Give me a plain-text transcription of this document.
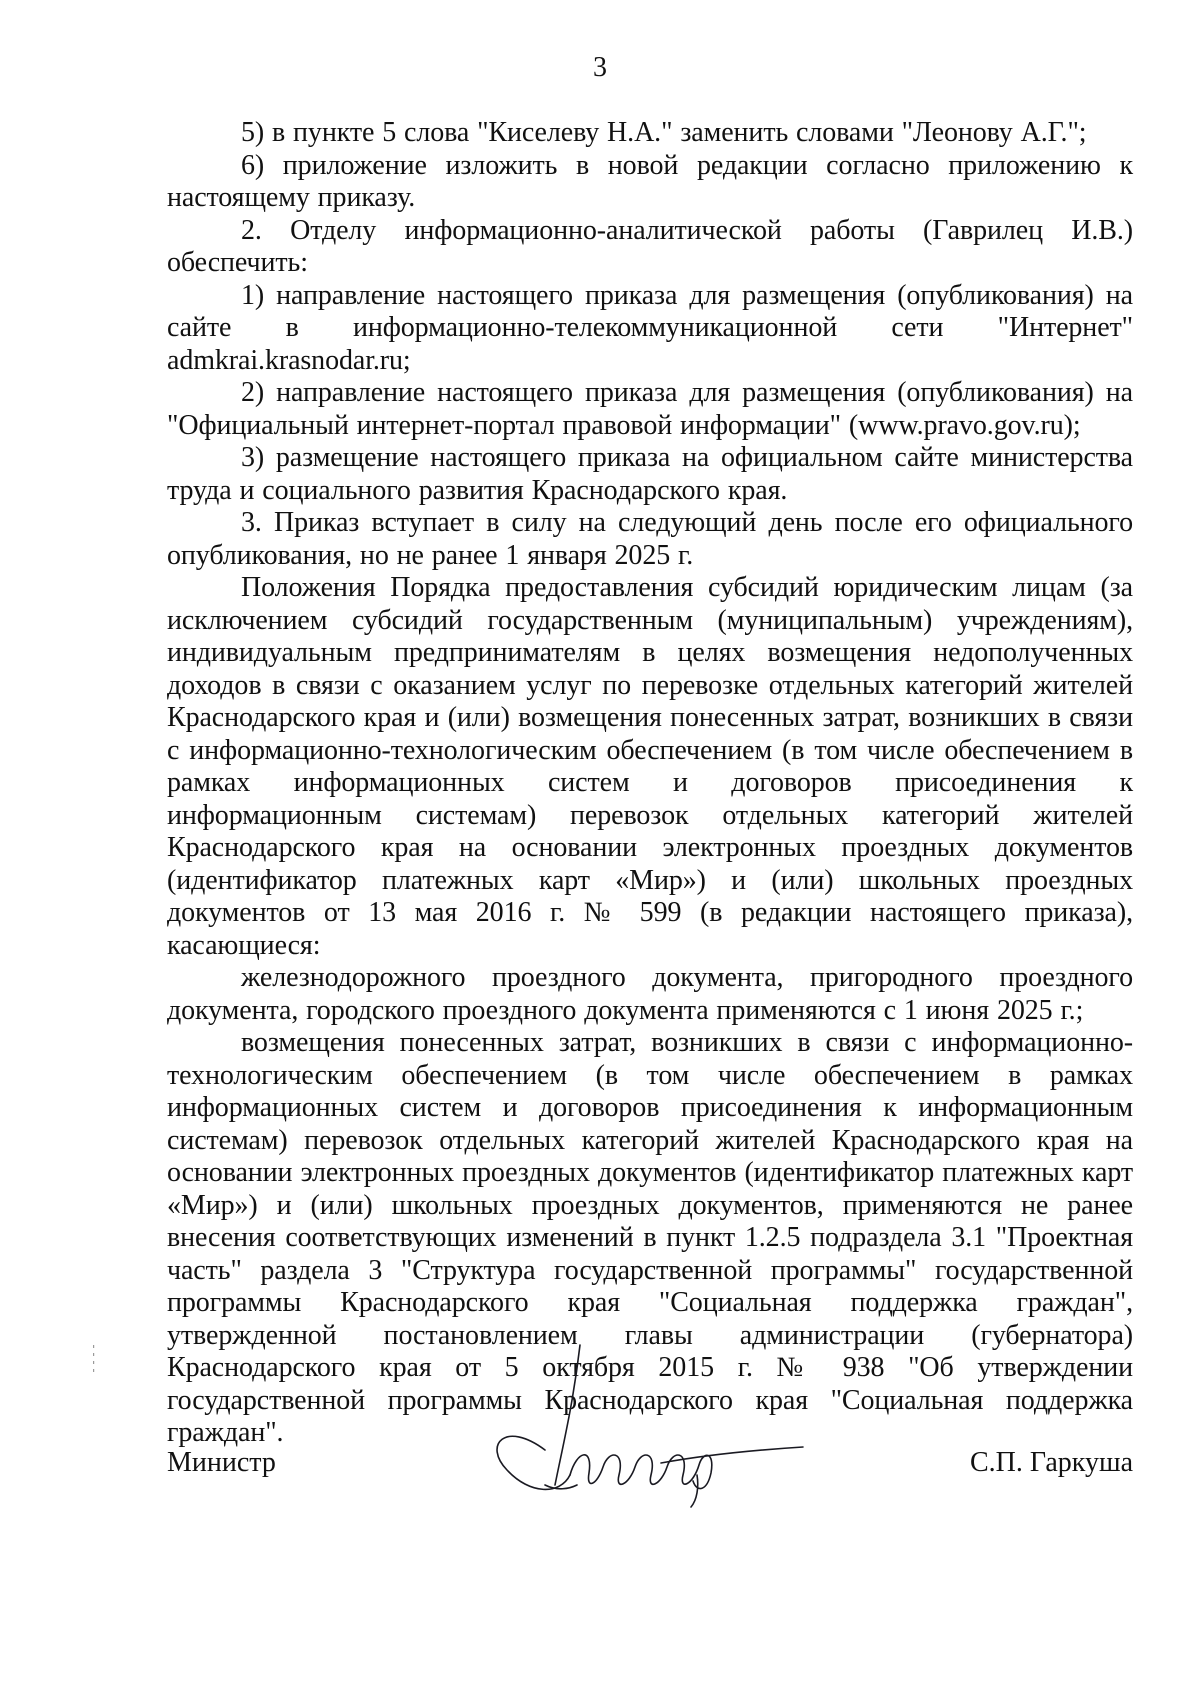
3

5) в пункте 5 слова "Киселеву Н.А." заменить словами "Леонову А.Г.";

6) приложение изложить в новой редакции согласно приложению к настоящему приказу.

2. Отделу информационно-аналитической работы (Гаврилец И.В.) обеспечить:

1) направление настоящего приказа для размещения (опубликования) на сайте в информационно-телекоммуникационной сети "Интернет" admkrai.krasnodar.ru;

2) направление настоящего приказа для размещения (опубликования) на "Официальный интернет-портал правовой информации" (www.pravo.gov.ru);

3) размещение настоящего приказа на официальном сайте министерства труда и социального развития Краснодарского края.

3. Приказ вступает в силу на следующий день после его официального опубликования, но не ранее 1 января 2025 г.

Положения Порядка предоставления субсидий юридическим лицам (за исключением субсидий государственным (муниципальным) учреждениям), индивидуальным предпринимателям в целях возмещения недополученных доходов в связи с оказанием услуг по перевозке отдельных категорий жителей Краснодарского края и (или) возмещения понесенных затрат, возникших в связи с информационно-технологическим обеспечением (в том числе обеспечением в рамках информационных систем и договоров присоединения к информационным системам) перевозок отдельных категорий жителей Краснодарского края на основании электронных проездных документов (идентификатор платежных карт «Мир») и (или) школьных проездных документов от 13 мая 2016 г. № 599 (в редакции настоящего приказа), касающиеся:

железнодорожного проездного документа, пригородного проездного документа, городского проездного документа применяются с 1 июня 2025 г.;

возмещения понесенных затрат, возникших в связи с информационно-технологическим обеспечением (в том числе обеспечением в рамках информационных систем и договоров присоединения к информационным системам) перевозок отдельных категорий жителей Краснодарского края на основании электронных проездных документов (идентификатор платежных карт «Мир») и (или) школьных проездных документов, применяются не ранее внесения соответствующих изменений в пункт 1.2.5 подраздела 3.1 "Проектная часть" раздела 3 "Структура государственной программы" государственной программы Краснодарского края "Социальная поддержка граждан", утвержденной постановлением главы администрации (губернатора) Краснодарского края от 5 октября 2015 г. № 938 "Об утверждении государственной программы Краснодарского края "Социальная поддержка граждан".

Министр	С.П. Гаркуша
